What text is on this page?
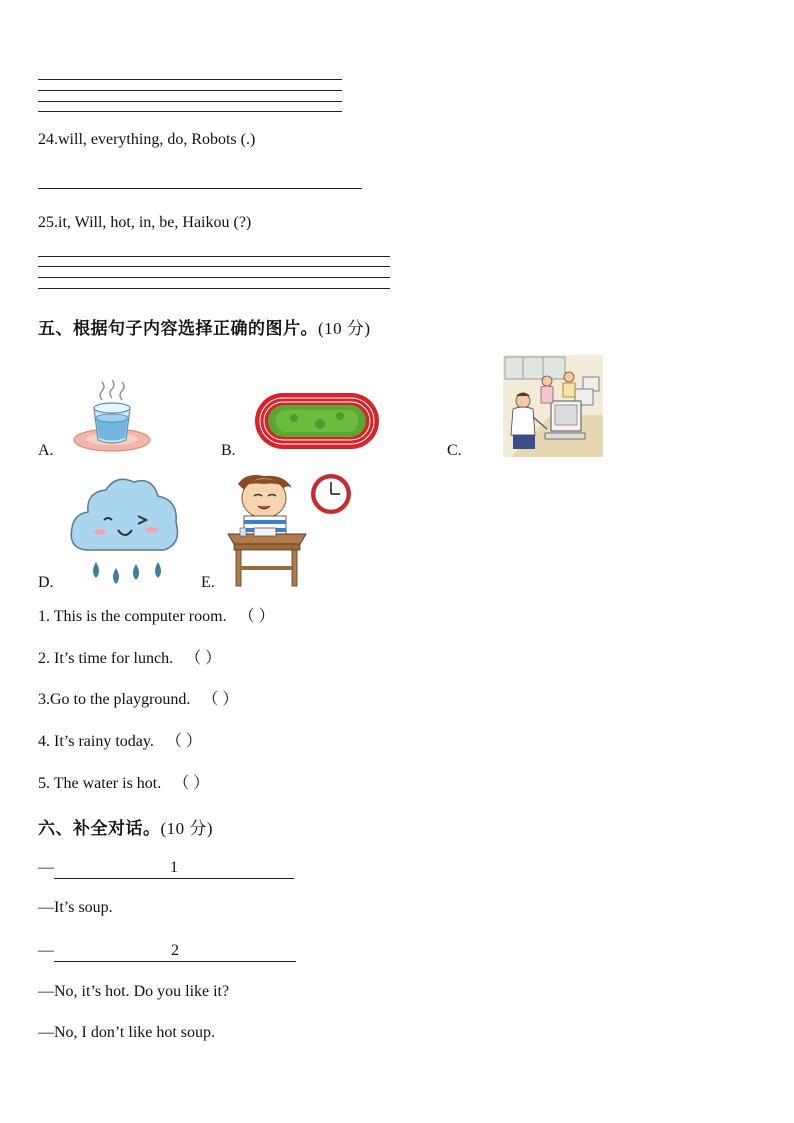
24.will, everything, do, Robots (.)
25.it, Will, hot, in, be, Haikou (?)
五、根据句子内容选择正确的图片。(10 分)
A.	B.	C.
D.	E.
1. This is the computer room. （ ）
2. It’s time for lunch. （ ）
3.Go to the playground. （ ）
4. It’s rainy today. （ ）
5. The water is hot. （ ）
六、补全对话。(10 分)
—	1
—It’s soup.
—	2
—No, it’s hot. Do you like it?
—No, I don’t like hot soup.
